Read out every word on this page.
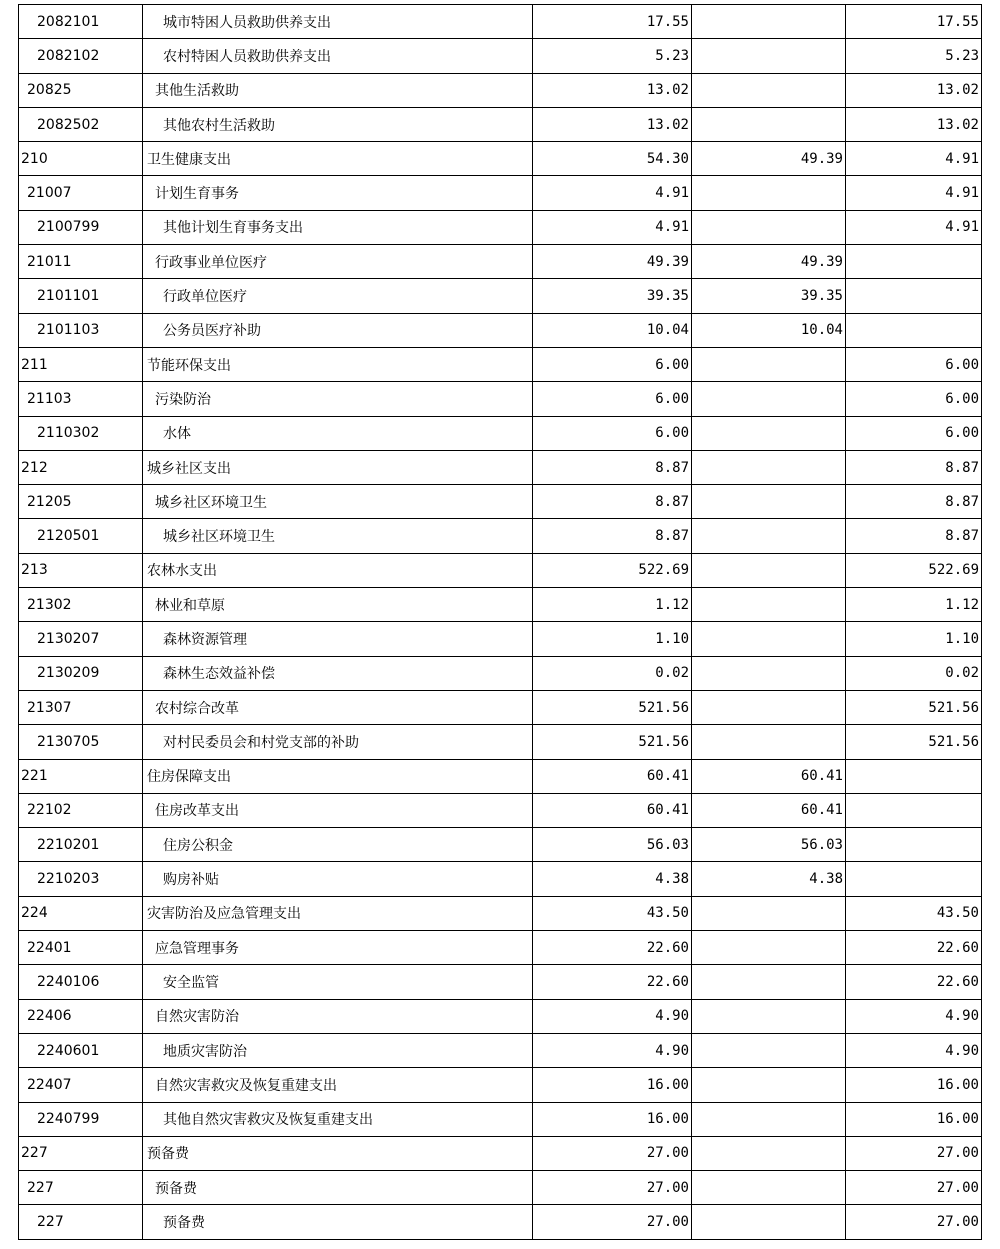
2082101	城市特困人员救助供养支出	17.55		17.55
2082102	农村特困人员救助供养支出	5.23		5.23
20825	其他生活救助	13.02		13.02
2082502	其他农村生活救助	13.02		13.02
210	卫生健康支出	54.30	49.39	4.91
21007	计划生育事务	4.91		4.91
2100799	其他计划生育事务支出	4.91		4.91
21011	行政事业单位医疗	49.39	49.39	
2101101	行政单位医疗	39.35	39.35	
2101103	公务员医疗补助	10.04	10.04	
211	节能环保支出	6.00		6.00
21103	污染防治	6.00		6.00
2110302	水体	6.00		6.00
212	城乡社区支出	8.87		8.87
21205	城乡社区环境卫生	8.87		8.87
2120501	城乡社区环境卫生	8.87		8.87
213	农林水支出	522.69		522.69
21302	林业和草原	1.12		1.12
2130207	森林资源管理	1.10		1.10
2130209	森林生态效益补偿	0.02		0.02
21307	农村综合改革	521.56		521.56
2130705	对村民委员会和村党支部的补助	521.56		521.56
221	住房保障支出	60.41	60.41	
22102	住房改革支出	60.41	60.41	
2210201	住房公积金	56.03	56.03	
2210203	购房补贴	4.38	4.38	
224	灾害防治及应急管理支出	43.50		43.50
22401	应急管理事务	22.60		22.60
2240106	安全监管	22.60		22.60
22406	自然灾害防治	4.90		4.90
2240601	地质灾害防治	4.90		4.90
22407	自然灾害救灾及恢复重建支出	16.00		16.00
2240799	其他自然灾害救灾及恢复重建支出	16.00		16.00
227	预备费	27.00		27.00
227	预备费	27.00		27.00
227	预备费	27.00		27.00
